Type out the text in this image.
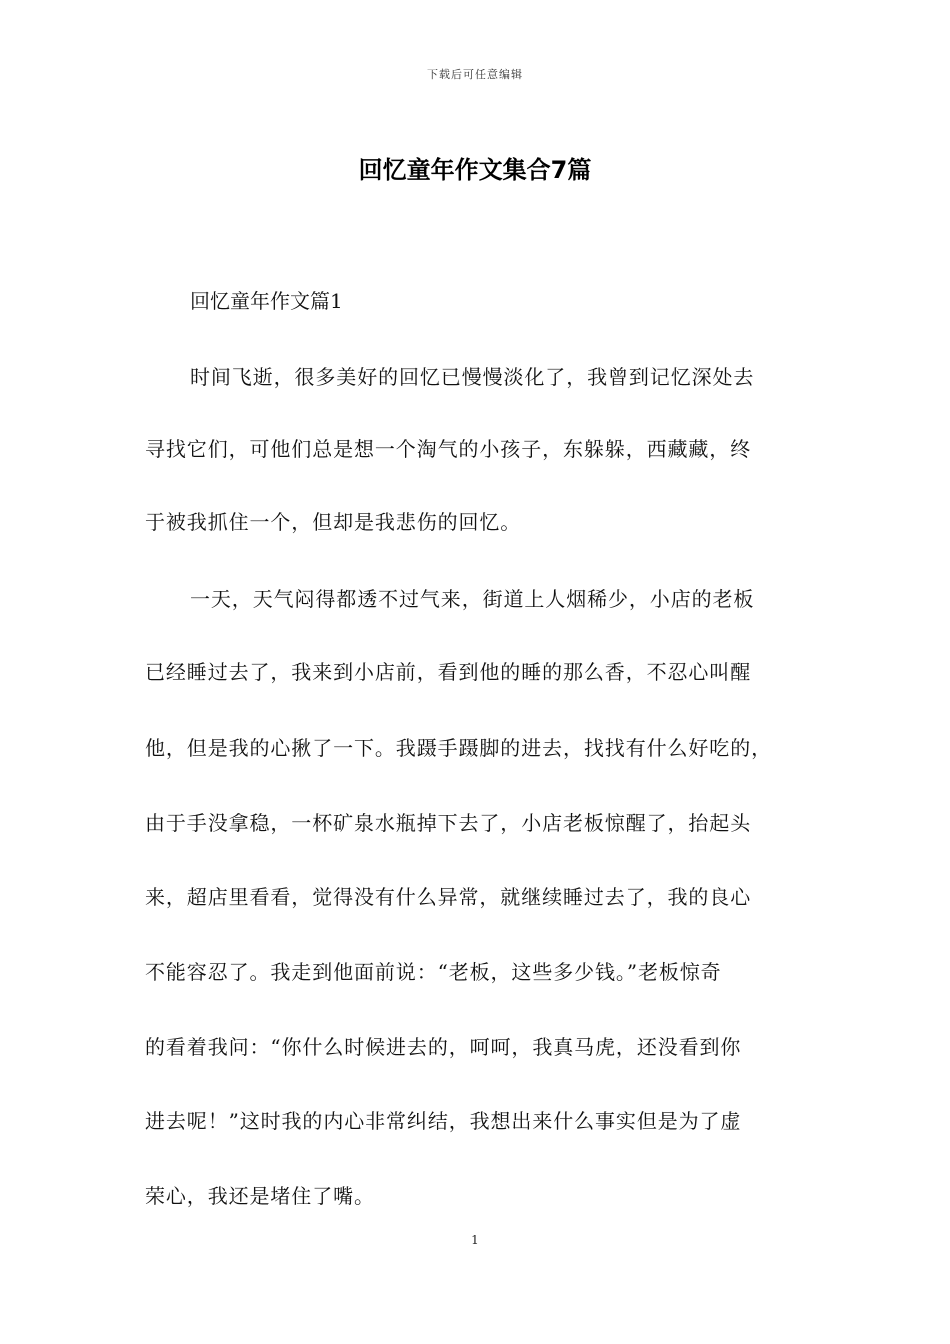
下载后可任意编辑
回忆童年作文集合7篇
回忆童年作文篇1
时间飞逝，很多美好的回忆已慢慢淡化了，我曾到记忆深处去
寻找它们，可他们总是想一个淘气的小孩子，东躲躲，西藏藏，终
于被我抓住一个，但却是我悲伤的回忆。
一天，天气闷得都透不过气来，街道上人烟稀少，小店的老板
已经睡过去了，我来到小店前，看到他的睡的那么香，不忍心叫醒
他，但是我的心揪了一下。我蹑手蹑脚的进去，找找有什么好吃的，
由于手没拿稳，一杯矿泉水瓶掉下去了，小店老板惊醒了，抬起头
来，超店里看看，觉得没有什么异常，就继续睡过去了，我的良心
不能容忍了。我走到他面前说：“老板，这些多少钱。”老板惊奇
的看着我问：“你什么时候进去的，呵呵，我真马虎，还没看到你
进去呢！”这时我的内心非常纠结，我想出来什么事实但是为了虚
荣心，我还是堵住了嘴。
1
